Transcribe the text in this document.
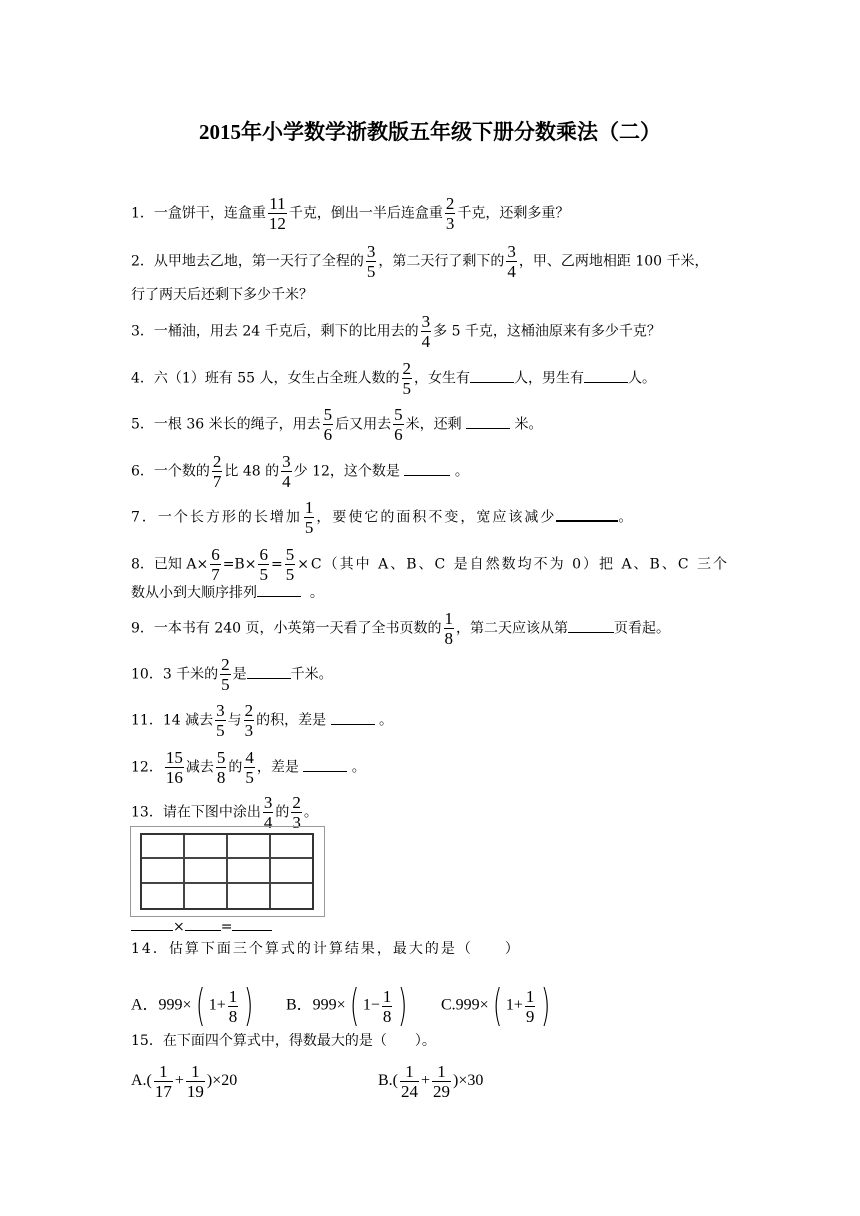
2015年小学数学浙教版五年级下册分数乘法（二）
1．一盒饼干，连盒重 $\frac{11}{12}$ 千克，倒出一半后连盒重 $\frac{2}{3}$ 千克，还剩多重？
2．从甲地去乙地，第一天行了全程的 $\frac{3}{5}$ ，第二天行了剩下的 $\frac{3}{4}$ ，甲、乙两地相距 100 千米，
行了两天后还剩下多少千米？
3．一桶油，用去 24 千克后，剩下的比用去的 $\frac{3}{4}$ 多 5 千克，这桶油原来有多少千克？
4．六（1）班有 55 人，女生占全班人数的 $\frac{2}{5}$ ，女生有	人，男生有	人。
5．一根 36 米长的绳子，用去 $\frac{5}{6}$ 后又用去 $\frac{5}{6}$ 米，还剩	米。
6．一个数的 $\frac{2}{7}$ 比 48 的 $\frac{3}{4}$ 少 12，这个数是	。
7．一个长方形的长增加 $\frac{1}{5}$ ，要使它的面积不变，宽应该减少	。
8．已知 $A\times \frac{6}{7} =B\times \frac{6}{5} = \frac{5}{5} \times C$（其中 A、B、C 是自然数均不为 0）把 A、B、C 三个
数从小到大顺序排列	。
9．一本书有 240 页，小英第一天看了全书页数的 $\frac{1}{8}$ ，第二天应该从第	页看起。
10．3 千米的 $\frac{2}{5}$ 是	千米。
11．14 减去 $\frac{3}{5}$ 与 $\frac{2}{3}$ 的积，差是	。
12． $\frac{15}{16}$ 减去 $\frac{5}{8}$ 的 $\frac{4}{5}$ ，差是	。
13．请在下图中涂出 $\frac{3}{4}$ 的 $\frac{2}{3}$ 。
×	=
14．估算下面三个算式的计算结果，最大的是（　　）
A．999×( $1+ \frac{1}{8}$ ) B．999×( $1- \frac{1}{8}$ ) C.999×( $1+ \frac{1}{9}$ )
15．在下面四个算式中，得数最大的是（　　）。
$A.( \frac{1}{17} + \frac{1}{19} )\times 20$	$B.( \frac{1}{24} + \frac{1}{29} )\times 30$
